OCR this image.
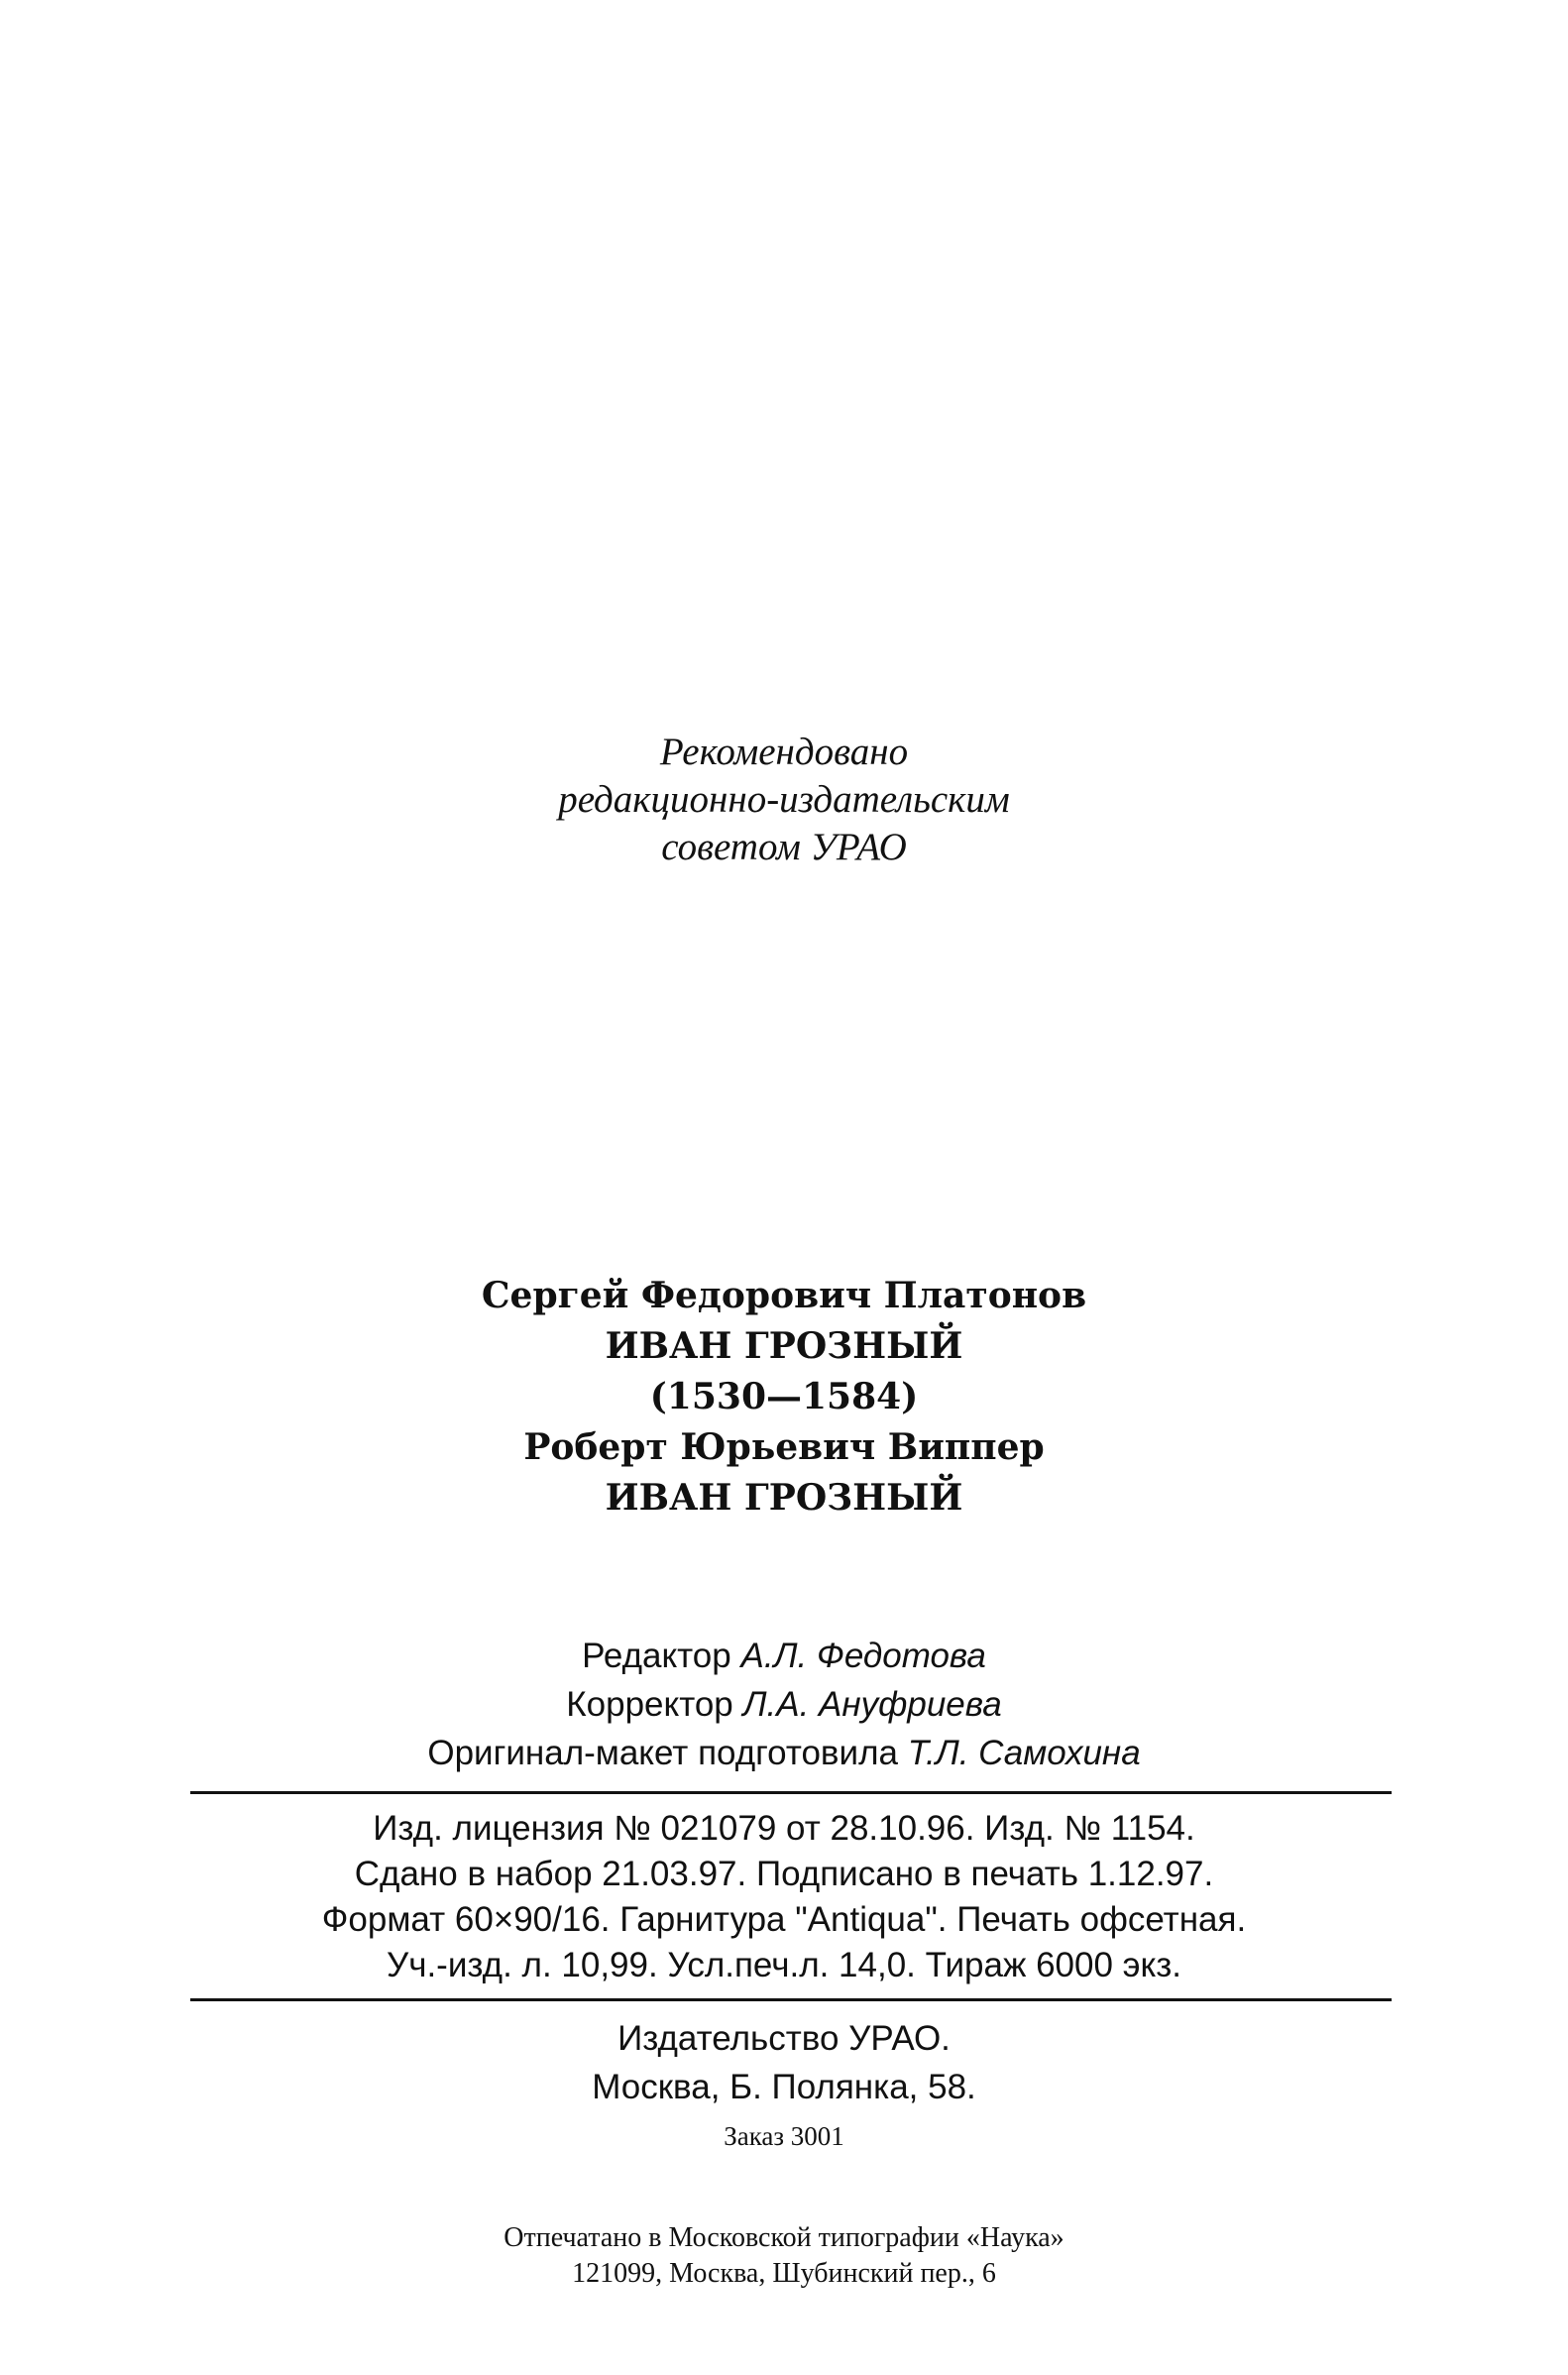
Рекомендовано
редакционно-издательским
советом УРАО
Сергей Федорович Платонов
ИВАН ГРОЗНЫЙ
(1530—1584)
Роберт Юрьевич Виппер
ИВАН ГРОЗНЫЙ
Редактор А.Л. Федотова
Корректор Л.А. Ануфриева
Оригинал-макет подготовила Т.Л. Самохина
Изд. лицензия № 021079 от 28.10.96. Изд. № 1154.
Сдано в набор 21.03.97. Подписано в печать 1.12.97.
Формат 60×90/16. Гарнитура "Antiqua". Печать офсетная.
Уч.-изд. л. 10,99. Усл.печ.л. 14,0. Тираж 6000 экз.
Издательство УРАО.
Москва, Б. Полянка, 58.
Заказ 3001
Отпечатано в Московской типографии «Наука»
121099, Москва, Шубинский пер., 6
